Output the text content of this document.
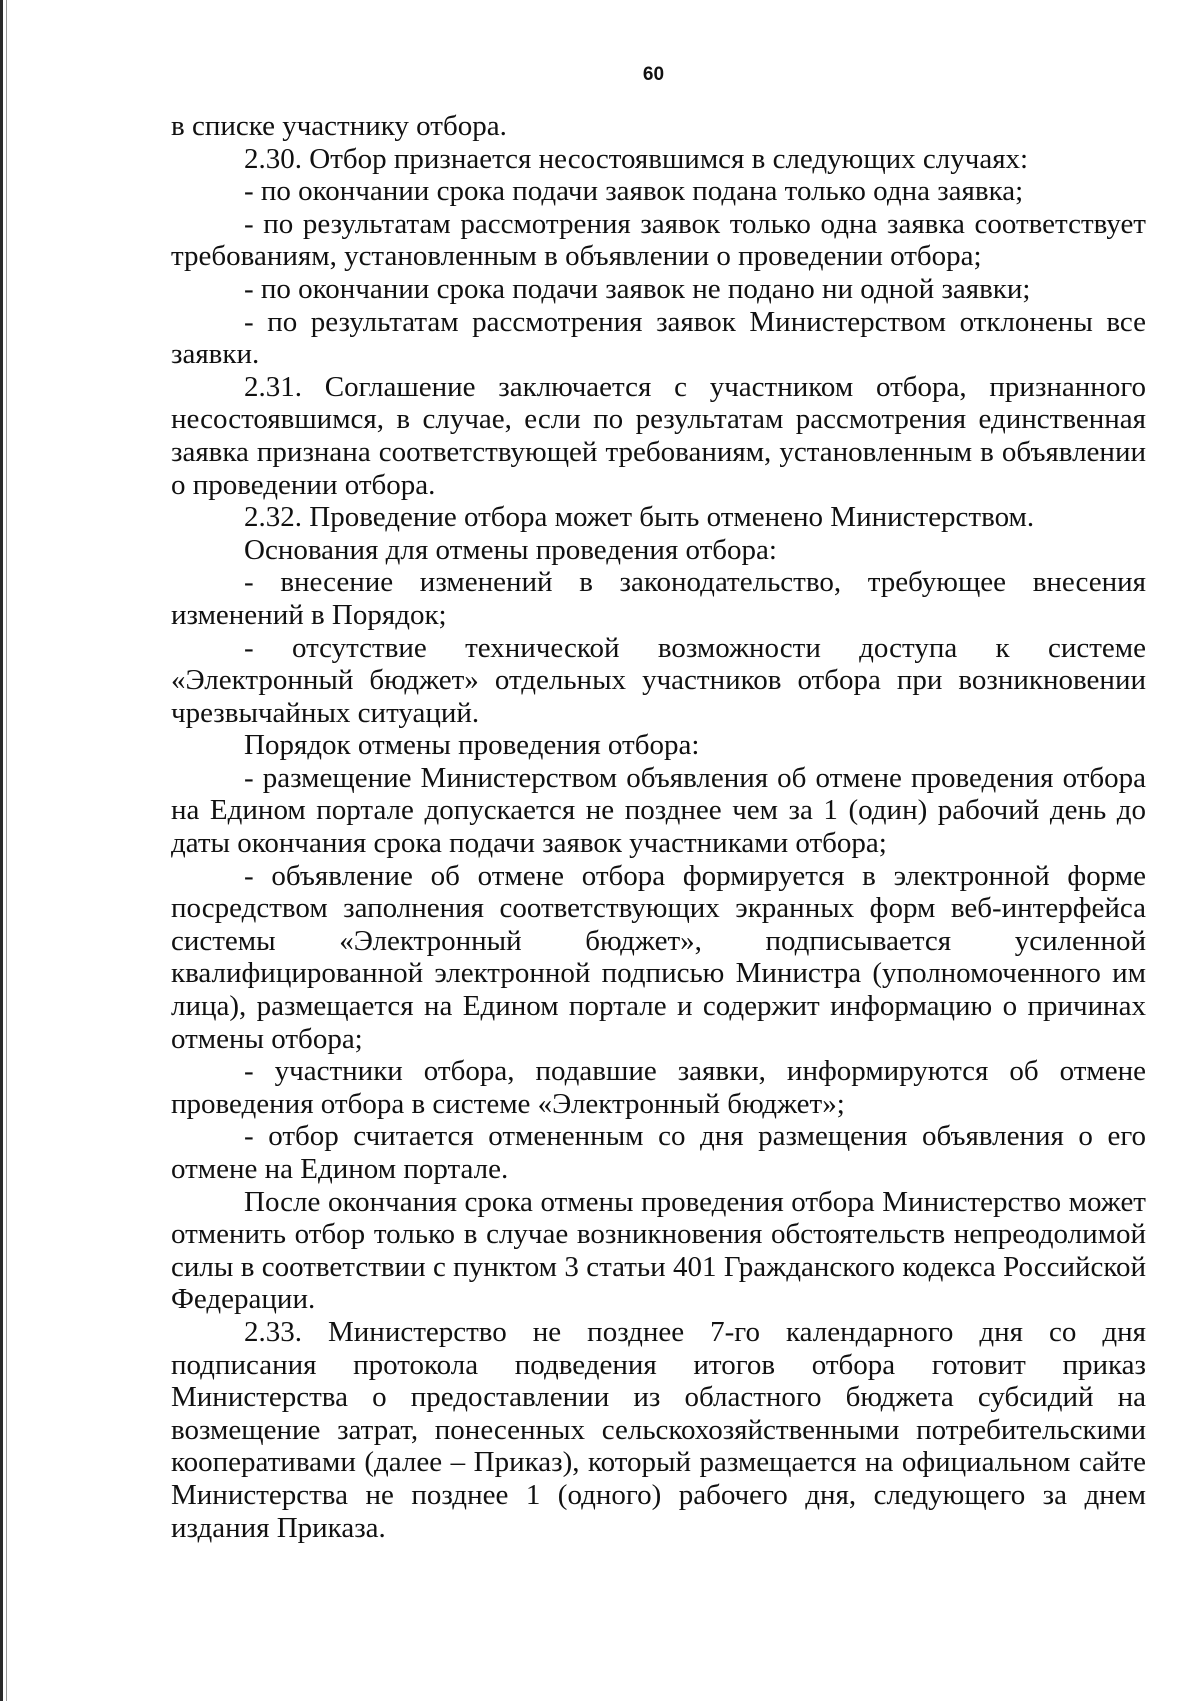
60

в списке участнику отбора.

2.30. Отбор признается несостоявшимся в следующих случаях:

- по окончании срока подачи заявок подана только одна заявка;

- по результатам рассмотрения заявок только одна заявка соответствует требованиям, установленным в объявлении о проведении отбора;

- по окончании срока подачи заявок не подано ни одной заявки;

- по результатам рассмотрения заявок Министерством отклонены все заявки.

2.31. Соглашение заключается с участником отбора, признанного несостоявшимся, в случае, если по результатам рассмотрения единственная заявка признана соответствующей требованиям, установленным в объявлении о проведении отбора.

2.32. Проведение отбора может быть отменено Министерством.

Основания для отмены проведения отбора:

- внесение изменений в законодательство, требующее внесения изменений в Порядок;

- отсутствие технической возможности доступа к системе «Электронный бюджет» отдельных участников отбора при возникновении чрезвычайных ситуаций.

Порядок отмены проведения отбора:

- размещение Министерством объявления об отмене проведения отбора на Едином портале допускается не позднее чем за 1 (один) рабочий день до даты окончания срока подачи заявок участниками отбора;

- объявление об отмене отбора формируется в электронной форме посредством заполнения соответствующих экранных форм веб-интерфейса системы «Электронный бюджет», подписывается усиленной квалифицированной электронной подписью Министра (уполномоченного им лица), размещается на Едином портале и содержит информацию о причинах отмены отбора;

- участники отбора, подавшие заявки, информируются об отмене проведения отбора в системе «Электронный бюджет»;

- отбор считается отмененным со дня размещения объявления о его отмене на Едином портале.

После окончания срока отмены проведения отбора Министерство может отменить отбор только в случае возникновения обстоятельств непреодолимой силы в соответствии с пунктом 3 статьи 401 Гражданского кодекса Российской Федерации.

2.33. Министерство не позднее 7-го календарного дня со дня подписания протокола подведения итогов отбора готовит приказ Министерства о предоставлении из областного бюджета субсидий на возмещение затрат, понесенных сельскохозяйственными потребительскими кооперативами (далее – Приказ), который размещается на официальном сайте Министерства не позднее 1 (одного) рабочего дня, следующего за днем издания Приказа.
